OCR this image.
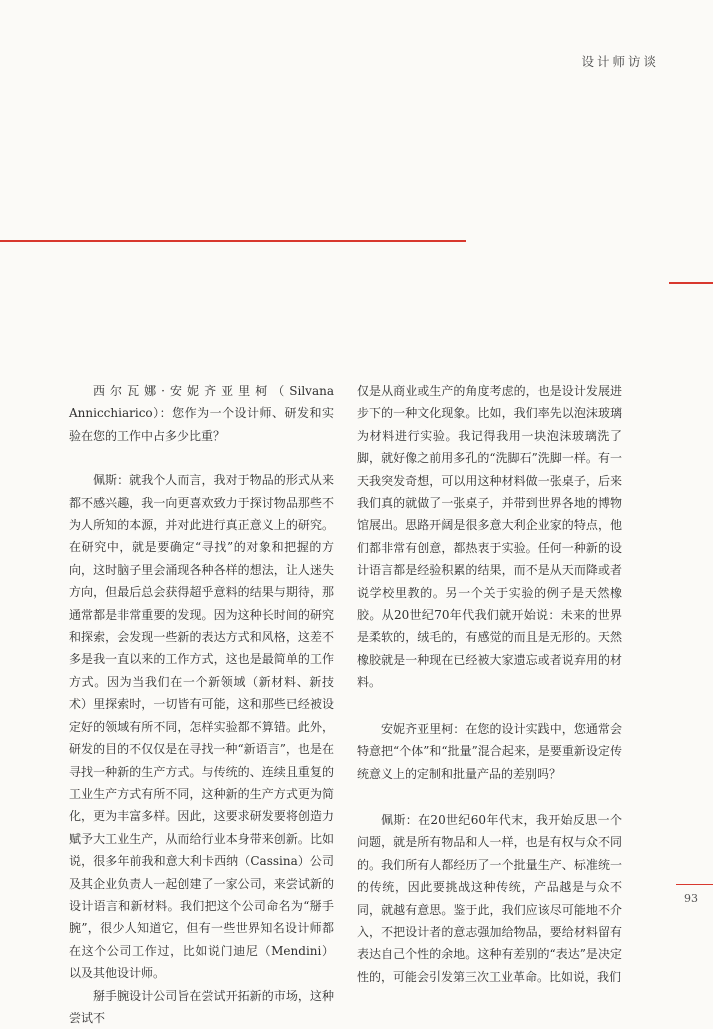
设计师访谈

西尔瓦娜·安妮齐亚里柯（Silvana Annicchiarico）：您作为一个设计师、研发和实验在您的工作中占多少比重？

佩斯：就我个人而言，我对于物品的形式从来都不感兴趣，我一向更喜欢致力于探讨物品那些不为人所知的本源，并对此进行真正意义上的研究。在研究中，就是要确定“寻找”的对象和把握的方向，这时脑子里会涌现各种各样的想法，让人迷失方向，但最后总会获得超乎意料的结果与期待，那通常都是非常重要的发现。因为这种长时间的研究和探索，会发现一些新的表达方式和风格，这差不多是我一直以来的工作方式，这也是最简单的工作方式。因为当我们在一个新领域（新材料、新技术）里探索时，一切皆有可能，这和那些已经被设定好的领域有所不同，怎样实验都不算错。此外，研发的目的不仅仅是在寻找一种“新语言”，也是在寻找一种新的生产方式。与传统的、连续且重复的工业生产方式有所不同，这种新的生产方式更为简化，更为丰富多样。因此，这要求研发要将创造力赋予大工业生产，从而给行业本身带来创新。比如说，很多年前我和意大利卡西纳（Cassina）公司及其企业负责人一起创建了一家公司，来尝试新的设计语言和新材料。我们把这个公司命名为“掰手腕”，很少人知道它，但有一些世界知名设计师都在这个公司工作过，比如说门迪尼（Mendini）以及其他设计师。

掰手腕设计公司旨在尝试开拓新的市场，这种尝试不

仅是从商业或生产的角度考虑的，也是设计发展进步下的一种文化现象。比如，我们率先以泡沫玻璃为材料进行实验。我记得我用一块泡沫玻璃洗了脚，就好像之前用多孔的“洗脚石”洗脚一样。有一天我突发奇想，可以用这种材料做一张桌子，后来我们真的就做了一张桌子，并带到世界各地的博物馆展出。思路开阔是很多意大利企业家的特点，他们都非常有创意，都热衷于实验。任何一种新的设计语言都是经验积累的结果，而不是从天而降或者说学校里教的。另一个关于实验的例子是天然橡胶。从20世纪70年代我们就开始说：未来的世界是柔软的，绒毛的，有感觉的而且是无形的。天然橡胶就是一种现在已经被大家遗忘或者说弃用的材料。

安妮齐亚里柯：在您的设计实践中，您通常会特意把“个体”和“批量”混合起来，是要重新设定传统意义上的定制和批量产品的差别吗？

佩斯：在20世纪60年代末，我开始反思一个问题，就是所有物品和人一样，也是有权与众不同的。我们所有人都经历了一个批量生产、标准统一的传统，因此要挑战这种传统，产品越是与众不同，就越有意思。鉴于此，我们应该尽可能地不介入，不把设计者的意志强加给物品，要给材料留有表达自己个性的余地。这种有差别的“表达”是决定性的，可能会引发第三次工业革命。比如说，我们

93
